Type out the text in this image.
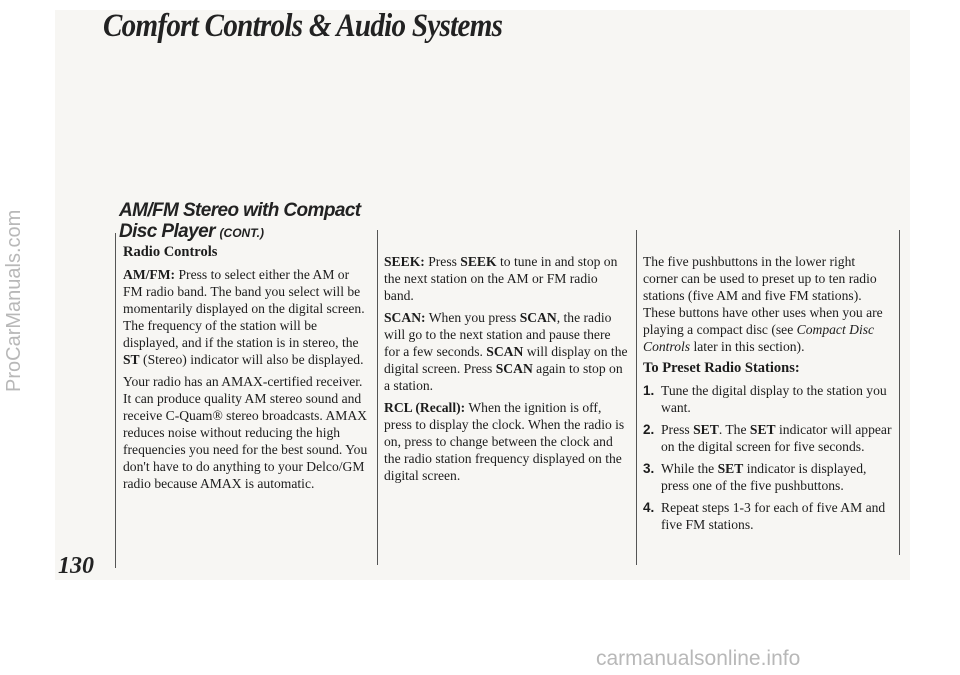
ProCarManuals.com
carmanualsonline.info
Comfort Controls & Audio Systems
AM/FM Stereo with Compact Disc Player (CONT.)

Radio Controls

AM/FM: Press to select either the AM or FM radio band. The band you select will be momentarily displayed on the digital screen. The frequency of the station will be displayed, and if the station is in stereo, the ST (Stereo) indicator will also be displayed.

Your radio has an AMAX-certified receiver. It can produce quality AM stereo sound and receive C-Quam® stereo broadcasts. AMAX reduces noise without reducing the high frequencies you need for the best sound. You don't have to do anything to your Delco/GM radio because AMAX is automatic.

SEEK: Press SEEK to tune in and stop on the next station on the AM or FM radio band.

SCAN: When you press SCAN, the radio will go to the next station and pause there for a few seconds. SCAN will display on the digital screen. Press SCAN again to stop on a station.

RCL (Recall): When the ignition is off, press to display the clock. When the radio is on, press to change between the clock and the radio station frequency displayed on the digital screen.

The five pushbuttons in the lower right corner can be used to preset up to ten radio stations (five AM and five FM stations). These buttons have other uses when you are playing a compact disc (see Compact Disc Controls later in this section).

To Preset Radio Stations:

1. Tune the digital display to the station you want.
2. Press SET. The SET indicator will appear on the digital screen for five seconds.
3. While the SET indicator is displayed, press one of the five pushbuttons.
4. Repeat steps 1-3 for each of five AM and five FM stations.
130
